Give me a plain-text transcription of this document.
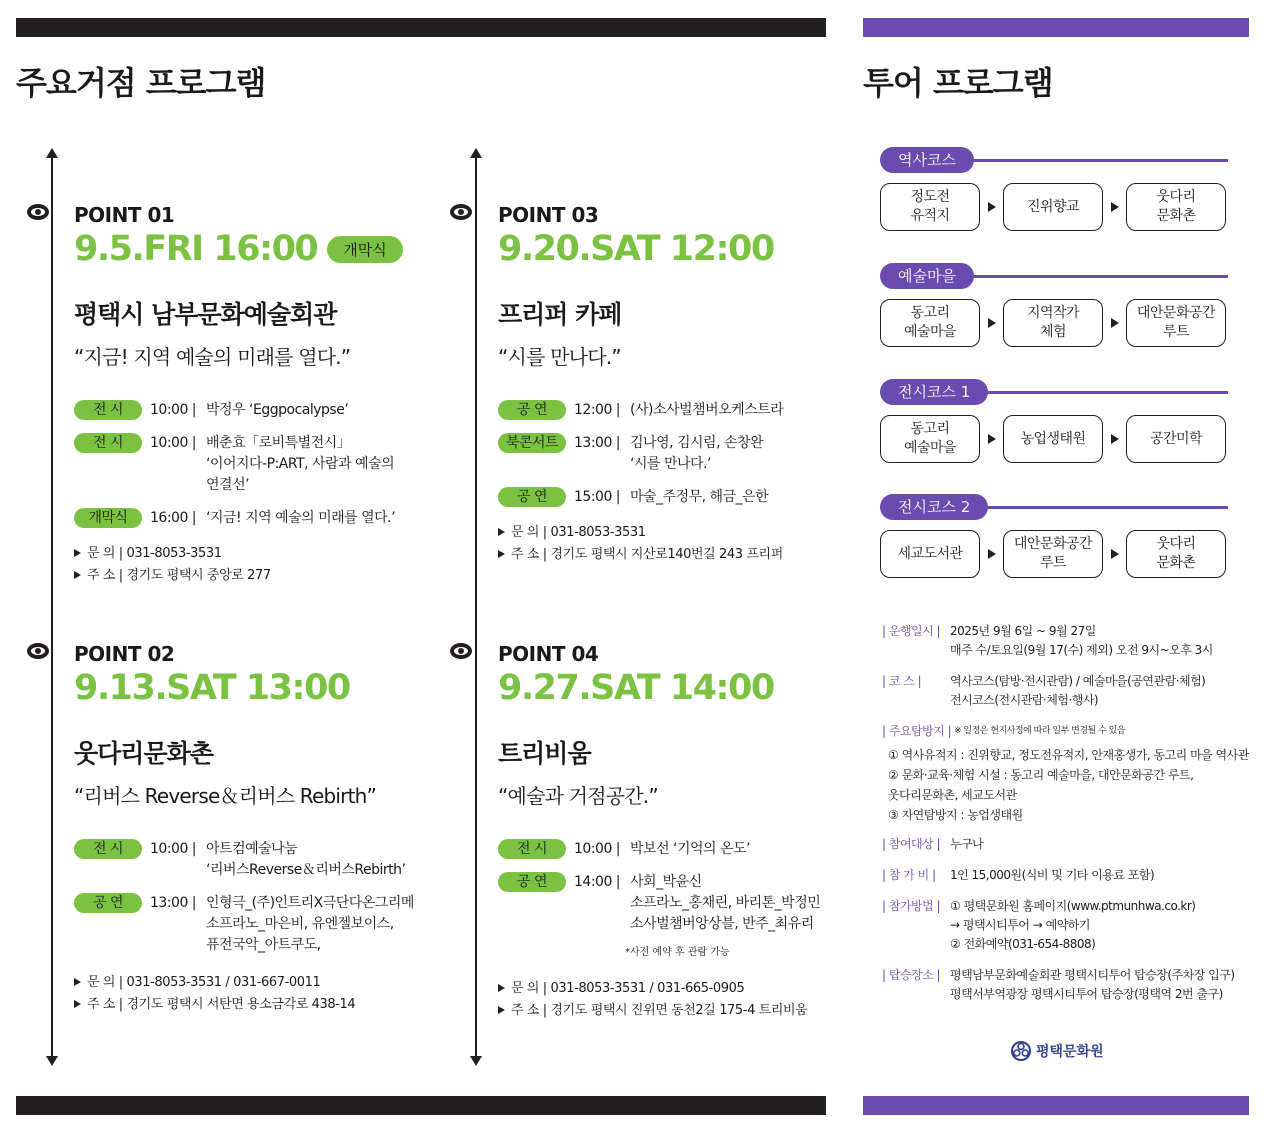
주요거점 프로그램	투어 프로그램
POINT 01
9.5.FRI 16:00	개막식
평택시 남부문화예술회관
“지금! 지역 예술의 미래를 열다.”
전 시	10:00 |	박정우 ‘Eggpocalypse’
전 시	10:00 |	배춘효「로비특별전시」
‘이어지다-P:ART, 사람과 예술의
연결선’
개막식	16:00 |	‘지금! 지역 예술의 미래를 열다.’
문 의 | 031-8053-3531
주 소 | 경기도 평택시 중앙로 277
POINT 02
9.13.SAT 13:00
웃다리문화촌
“리버스 Reverse＆리버스 Rebirth”
전 시	10:00 |	아트컴예술나눔
‘리버스Reverse＆리버스Rebirth’
공 연	13:00 |	인형극_(주)인트리X극단다온그리메
소프라노_마은비, 유엔젤보이스,
퓨전국악_아트쿠도,
문 의 | 031-8053-3531 / 031-667-0011
주 소 | 경기도 평택시 서탄면 용소금각로 438-14
POINT 03
9.20.SAT 12:00
프리퍼 카페
“시를 만나다.”
공 연	12:00 |	(사)소사벌챔버오케스트라
북콘서트	13:00 |	김나영, 김시림, 손창완
‘시를 만나다.’
공 연	15:00 |	마술_주정무, 해금_은한
문 의 | 031-8053-3531
주 소 | 경기도 평택시 지산로140번길 243 프리퍼
POINT 04
9.27.SAT 14:00
트리비움
“예술과 거점공간.”
전 시	10:00 |	박보선 ‘기억의 온도’
공 연	14:00 |	사회_박윤신
소프라노_홍채린, 바리톤_박정민
소사벌챔버앙상블, 반주_최유리
*사전 예약 후 관람 가능
문 의 | 031-8053-3531 / 031-665-0905
주 소 | 경기도 평택시 진위면 동천2길 175-4 트리비움
역사코스
정도전
유적지
진위향교
웃다리
문화촌
예술마을
동고리
예술마을
지역작가
체험
대안문화공간
루트
전시코스 1
동고리
예술마을
농업생태원	공간미학
전시코스 2
세교도서관
대안문화공간
루트
웃다리
문화촌
| 운행일시 | 2025년 9월 6일 ~ 9월 27일
매주 수/토요일(9월 17(수) 제외) 오전 9시~오후 3시
| 코 스 |	역사코스(탐방·전시관람) / 예술마을(공연관람·체험)
전시코스(전시관람·체험·행사)
| 주요탐방지 | ※ 일정은 현지사정에 따라 일부 변경될 수 있음
① 역사유적지 : 진위향교, 정도전유적지, 안재홍생가, 동고리 마을 역사관
② 문화·교육·체험 시설 : 동고리 예술마을, 대안문화공간 루트,
웃다리문화촌, 세교도서관
③ 자연탐방지 : 농업생태원
| 참여대상 | 누구나
| 참 가 비 |	1인 15,000원(식비 및 기타 이용료 포함)
| 참가방법 | ① 평택문화원 홈페이지(www.ptmunhwa.co.kr)
→ 평택시티투어 → 예약하기
② 전화예약(031-654-8808)
| 탑승장소 | 평택남부문화예술회관 평택시티투어 탑승장(주차장 입구)
평택서부역광장 평택시티투어 탑승장(평택역 2번 출구)
평택문화원
